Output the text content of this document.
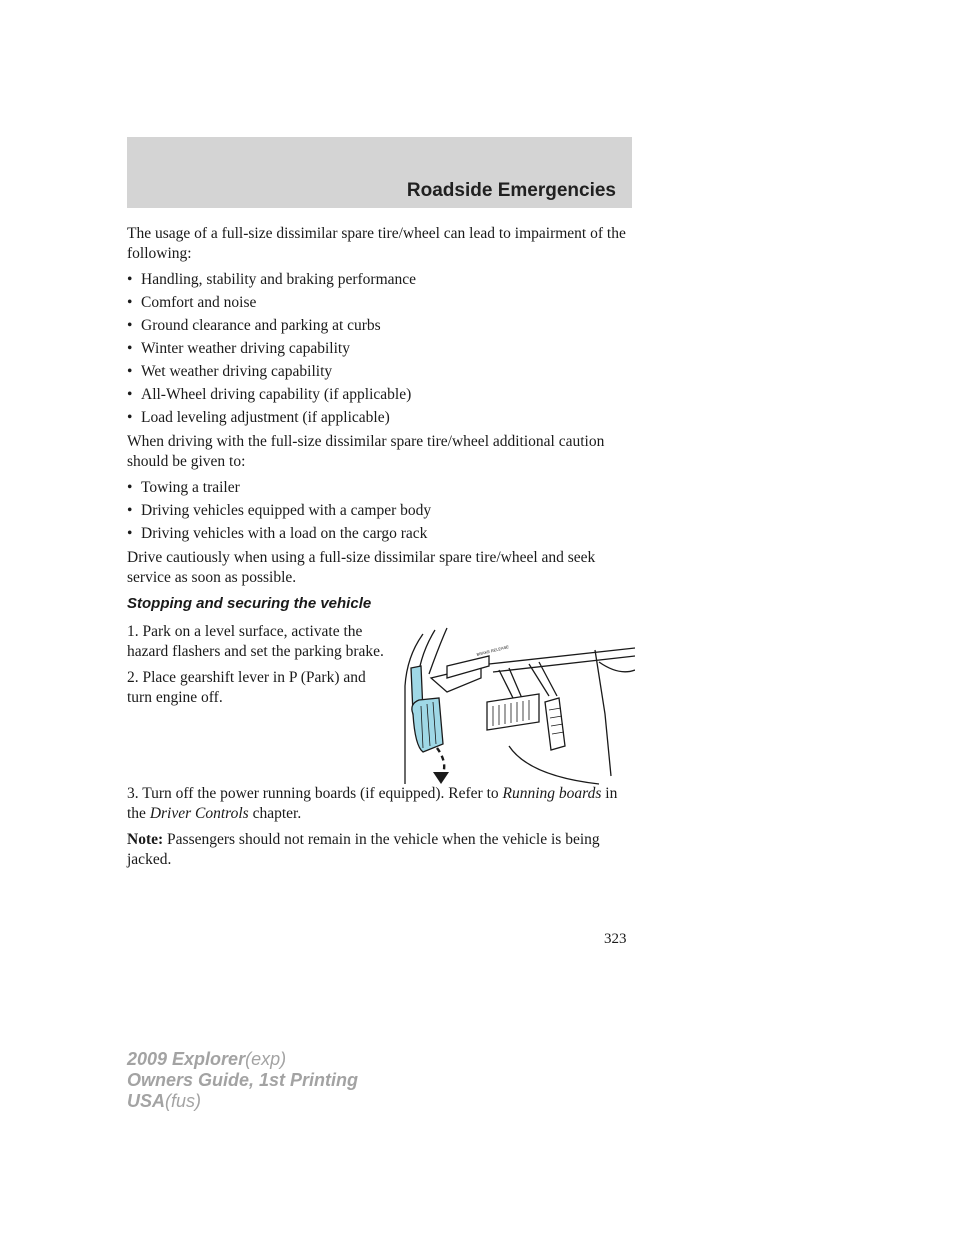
Roadside Emergencies

The usage of a full-size dissimilar spare tire/wheel can lead to impairment of the following:

• Handling, stability and braking performance
• Comfort and noise
• Ground clearance and parking at curbs
• Winter weather driving capability
• Wet weather driving capability
• All-Wheel driving capability (if applicable)
• Load leveling adjustment (if applicable)

When driving with the full-size dissimilar spare tire/wheel additional caution should be given to:

• Towing a trailer
• Driving vehicles equipped with a camper body
• Driving vehicles with a load on the cargo rack

Drive cautiously when using a full-size dissimilar spare tire/wheel and seek service as soon as possible.

Stopping and securing the vehicle

1. Park on a level surface, activate the hazard flashers and set the parking brake.

2. Place gearshift lever in P (Park) and turn engine off.

BRAKE RELEASE

3. Turn off the power running boards (if equipped). Refer to Running boards in the Driver Controls chapter.

Note: Passengers should not remain in the vehicle when the vehicle is being jacked.

323
2009 Explorer(exp)
Owners Guide, 1st Printing
USA(fus)
